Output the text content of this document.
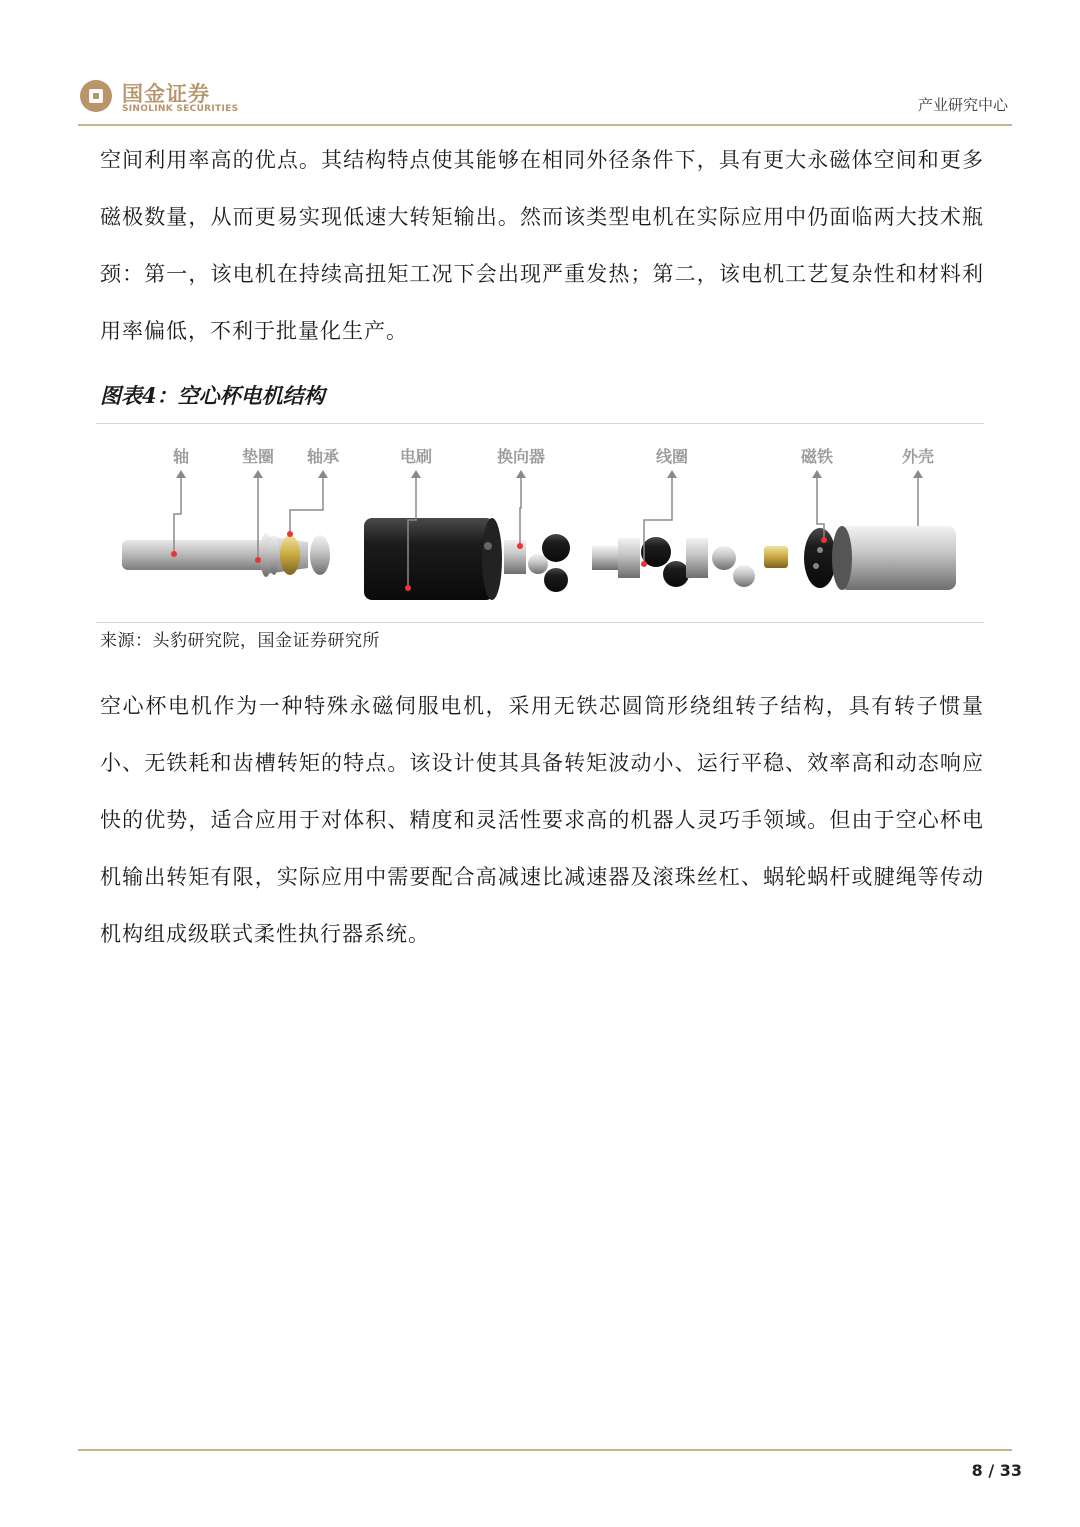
国金证券
SINOLINK SECURITIES	产业研究中心
空间利用率高的优点。其结构特点使其能够在相同外径条件下，具有更大永磁体空间和更多磁极数量，从而更易实现低速大转矩输出。然而该类型电机在实际应用中仍面临两大技术瓶颈：第一，该电机在持续高扭矩工况下会出现严重发热；第二，该电机工艺复杂性和材料利用率偏低，不利于批量化生产。
图表4：空心杯电机结构
轴	垫圈 轴承	电刷	换向器	线圈	磁铁	外壳
来源：头豹研究院，国金证券研究所
空心杯电机作为一种特殊永磁伺服电机，采用无铁芯圆筒形绕组转子结构，具有转子惯量小、无铁耗和齿槽转矩的特点。该设计使其具备转矩波动小、运行平稳、效率高和动态响应快的优势，适合应用于对体积、精度和灵活性要求高的机器人灵巧手领域。但由于空心杯电机输出转矩有限，实际应用中需要配合高减速比减速器及滚珠丝杠、蜗轮蜗杆或腱绳等传动机构组成级联式柔性执行器系统。
8 / 33
